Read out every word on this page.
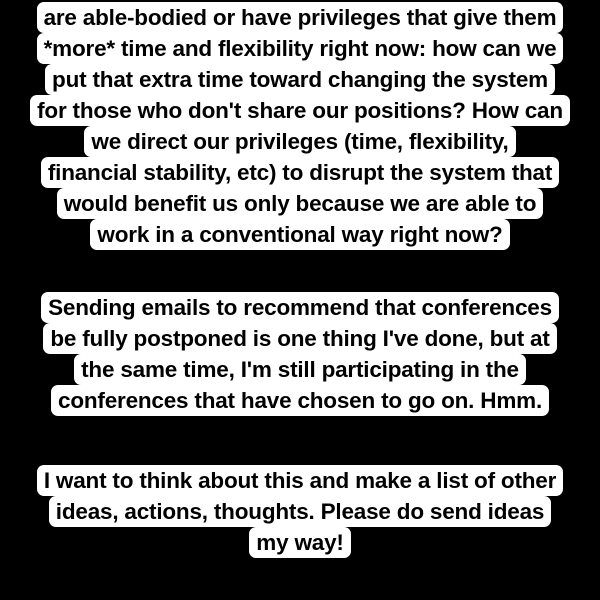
are able-bodied or have privileges that give them
*more* time and flexibility right now: how can we
put that extra time toward changing the system
for those who don't share our positions? How can
we direct our privileges (time, flexibility,
financial stability, etc) to disrupt the system that
would benefit us only because we are able to
work in a conventional way right now?
Sending emails to recommend that conferences
be fully postponed is one thing I've done, but at
the same time, I'm still participating in the
conferences that have chosen to go on. Hmm.
I want to think about this and make a list of other
ideas, actions, thoughts. Please do send ideas
my way!
